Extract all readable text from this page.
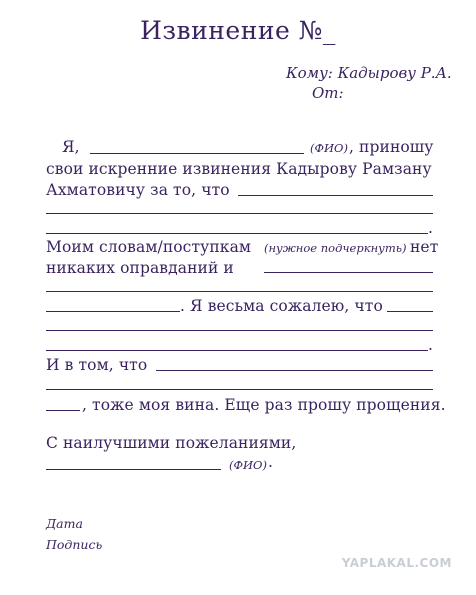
Извинение №_
Кому: Кадырову Р.А.
От:
Я,	(ФИО) , приношу
свои искренние извинения Кадырову Рамзану
Ахматовичу за то, что
.
Моим словам/поступкам (нужное подчеркнуть) нет
никаких оправданий и
. Я весьма сожалею, что
.
И в том, что
, тоже моя вина. Еще раз прошу прощения.
С наилучшими пожеланиями,
(ФИО) .
Дата
Подпись
YAPLAKAL.COM
